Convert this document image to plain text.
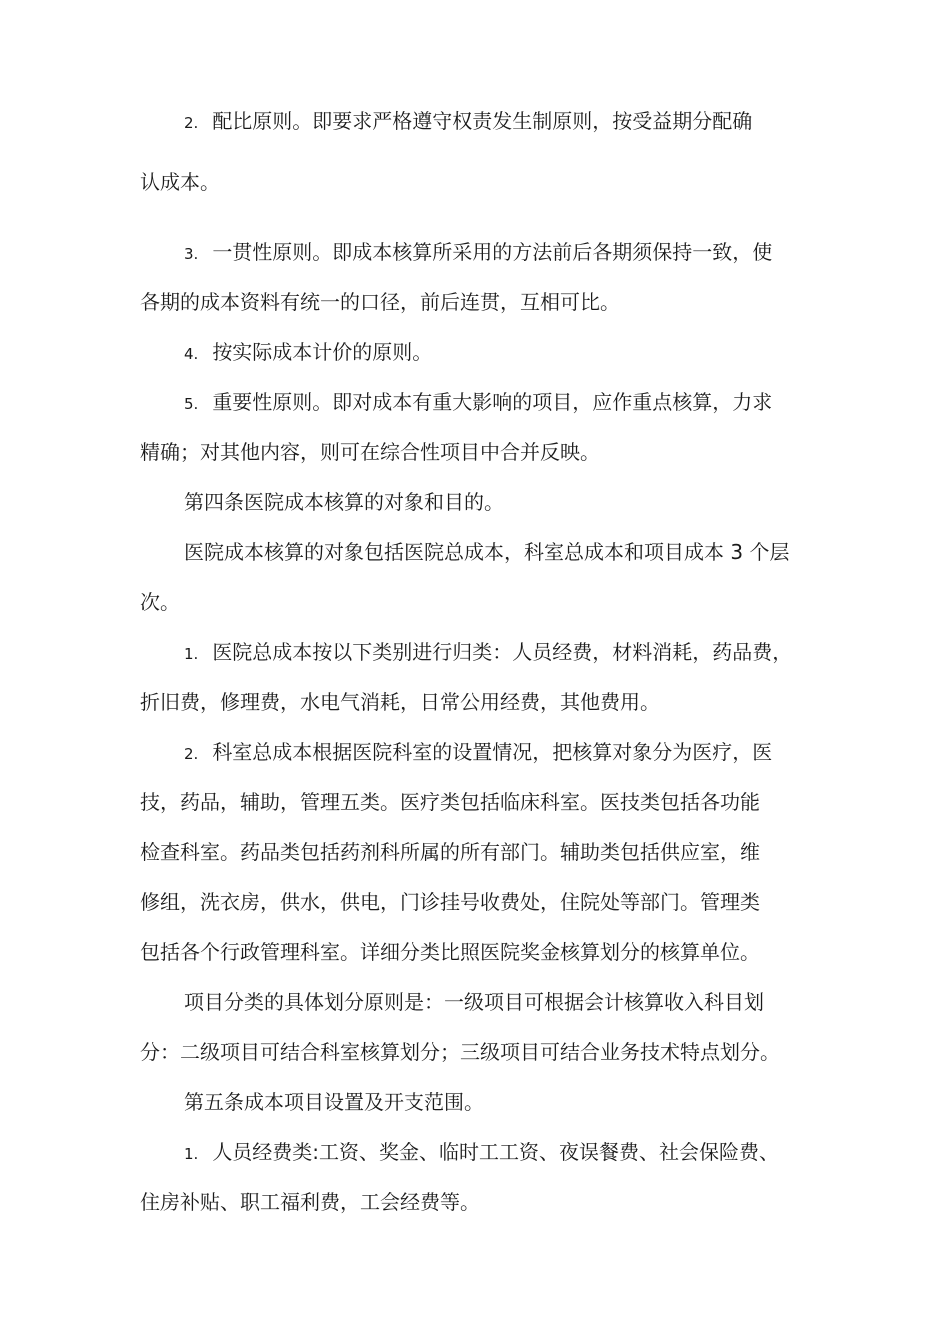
2. 配比原则。即要求严格遵守权责发生制原则，按受益期分配确

认成本。

3. 一贯性原则。即成本核算所采用的方法前后各期须保持一致，使

各期的成本资料有统一的口径，前后连贯，互相可比。

4. 按实际成本计价的原则。

5. 重要性原则。即对成本有重大影响的项目，应作重点核算，力求

精确；对其他内容，则可在综合性项目中合并反映。

第四条医院成本核算的对象和目的。

医院成本核算的对象包括医院总成本，科室总成本和项目成本 3 个层

次。

1. 医院总成本按以下类别进行归类：人员经费，材料消耗，药品费，

折旧费，修理费，水电气消耗，日常公用经费，其他费用。

2. 科室总成本根据医院科室的设置情况，把核算对象分为医疗，医

技，药品，辅助，管理五类。医疗类包括临床科室。医技类包括各功能

检查科室。药品类包括药剂科所属的所有部门。辅助类包括供应室，维

修组，洗衣房，供水，供电，门诊挂号收费处，住院处等部门。管理类

包括各个行政管理科室。详细分类比照医院奖金核算划分的核算单位。

项目分类的具体划分原则是：一级项目可根据会计核算收入科目划

分：二级项目可结合科室核算划分；三级项目可结合业务技术特点划分。

第五条成本项目设置及开支范围。

1. 人员经费类:工资、奖金、临时工工资、夜误餐费、社会保险费、

住房补贴、职工福利费，工会经费等。
